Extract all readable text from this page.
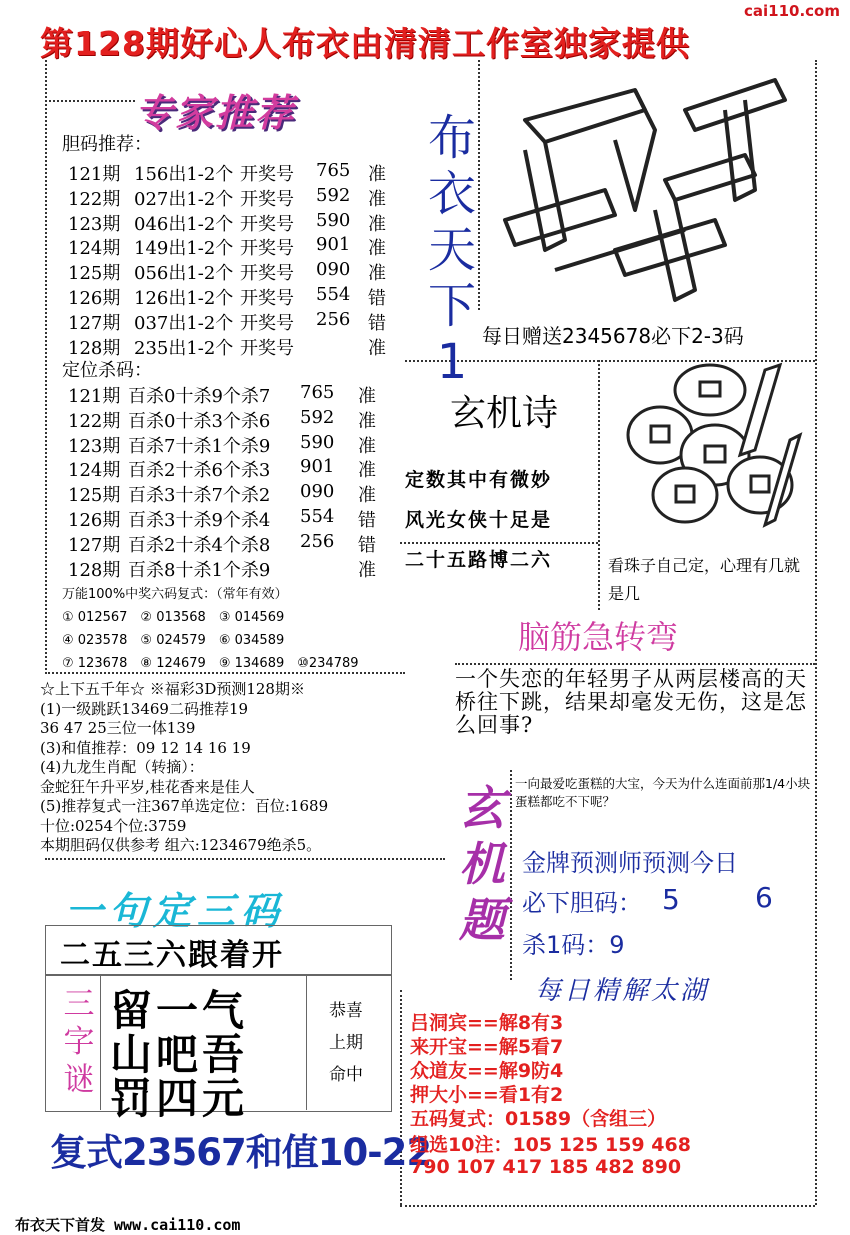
cai110.com
第128期好心人布衣由清清工作室独家提供
专家推荐
胆码推荐：
121期 156出1-2个 开奖号 765 准
122期 027出1-2个 开奖号 592 准
123期 046出1-2个 开奖号 590 准
124期 149出1-2个 开奖号 901 准
125期 056出1-2个 开奖号 090 准
126期 126出1-2个 开奖号 554 错
127期 037出1-2个 开奖号 256 错
128期 235出1-2个 开奖号	准
定位杀码：
121期 百杀0十杀9个杀7 765 准
122期 百杀0十杀3个杀6 592 准
123期 百杀7十杀1个杀9 590 准
124期 百杀2十杀6个杀3 901 准
125期 百杀3十杀7个杀2 090 准
126期 百杀3十杀9个杀4 554 错
127期 百杀2十杀4个杀8 256 错
128期 百杀8十杀1个杀9	准
万能100%中奖六码复式：（常年有效）
① 012567　② 013568　③ 014569
④ 023578　⑤ 024579　⑥ 034589
⑦ 123678　⑧ 124679　⑨ 134689　⑩234789
布
衣
天
下
1 每日赠送2345678必下2-3码
玄机诗
定数其中有微妙
风光女侠十足是
二十五路博二六	看珠子自己定，心理有几就是几
脑筋急转弯
一个失恋的年轻男子从两层楼高的天桥往下跳，结果却毫发无伤，这是怎么回事?
☆上下五千年☆ ※福彩3D预测128期※
(1)一级跳跃13469二码推荐19
36 47 25三位一体139
(3)和值推荐：09 12 14 16 19
(4)九龙生肖配（转摘）：
金蛇狂午升平岁,桂花香来是佳人
(5)推荐复式一注367单选定位：百位:1689
十位:0254个位:3759
本期胆码仅供参考 组六:1234679绝杀5。
玄
机
题
一向最爱吃蛋糕的大宝，今天为什么连面前那1/4小块蛋糕都吃不下呢？
金牌预测师预测今日
必下胆码： 5	6
杀1码：9
一句定三码
二五三六跟着开
三
字
谜
留一气
山吧吾
罚四元
恭喜
上期
命中
复式23567和值10-22
每日精解太湖
吕洞宾==解8有3
来开宝==解5看7
众道友==解9防4
押大小==看1有2
五码复式：01589（含组三）
组选10注：105 125 159 468
790 107 417 185 482 890
布衣天下首发 www.cai110.com
